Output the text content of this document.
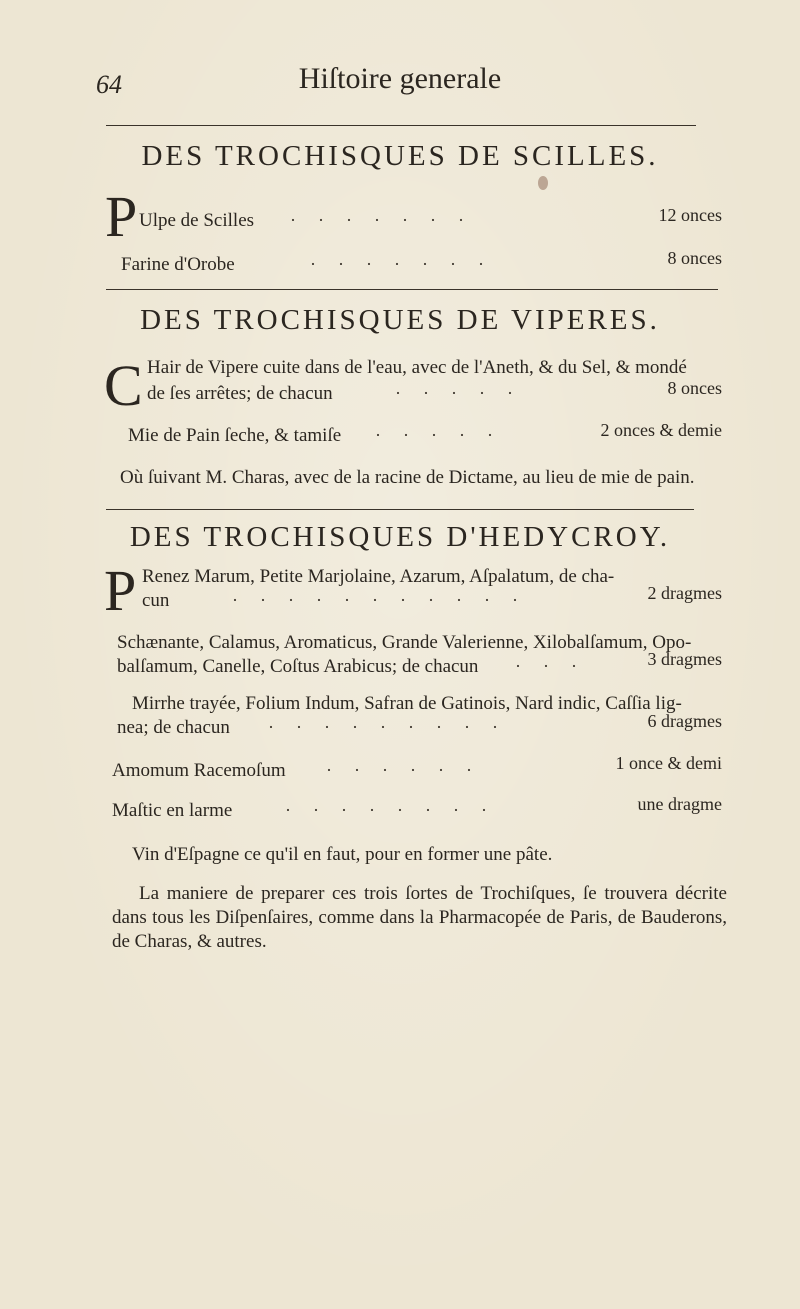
64	Hiſtoire generale
DES TROCHISQUES DE SCILLES.
P Ulpe de Scilles ·······	12 onces
Farine d'Orobe	·······	8 onces
DES TROCHISQUES DE VIPERES.
C Hair de Vipere cuite dans de l'eau, avec de l'Aneth, & du Sel, & mondé
de ſes arrêtes; de chacun	·····	8 onces
Mie de Pain ſeche, & tamiſe ·····	2 onces & demie
Où ſuivant M. Charas, avec de la racine de Dictame, au lieu de mie de pain.
DES TROCHISQUES D'HEDYCROY.
P Renez Marum, Petite Marjolaine, Azarum, Aſpalatum, de cha-
cun	···········	2 dragmes
Schænante, Calamus, Aromaticus, Grande Valerienne, Xilobalſamum, Opo-
balſamum, Canelle, Coſtus Arabicus; de chacun ···	3 dragmes
Mirrhe trayée, Folium Indum, Safran de Gatinois, Nard indic, Caſſia lig-
nea; de chacun ·········	6 dragmes
Amomum Racemoſum ······	1 once & demi
Maſtic en larme	········	une dragme
Vin d'Eſpagne ce qu'il en faut, pour en former une pâte.

La maniere de preparer ces trois ſortes de Trochiſques, ſe trouvera décrite dans tous les Diſpenſaires, comme dans la Pharmacopée de Paris, de Bauderons, de Charas, & autres.
